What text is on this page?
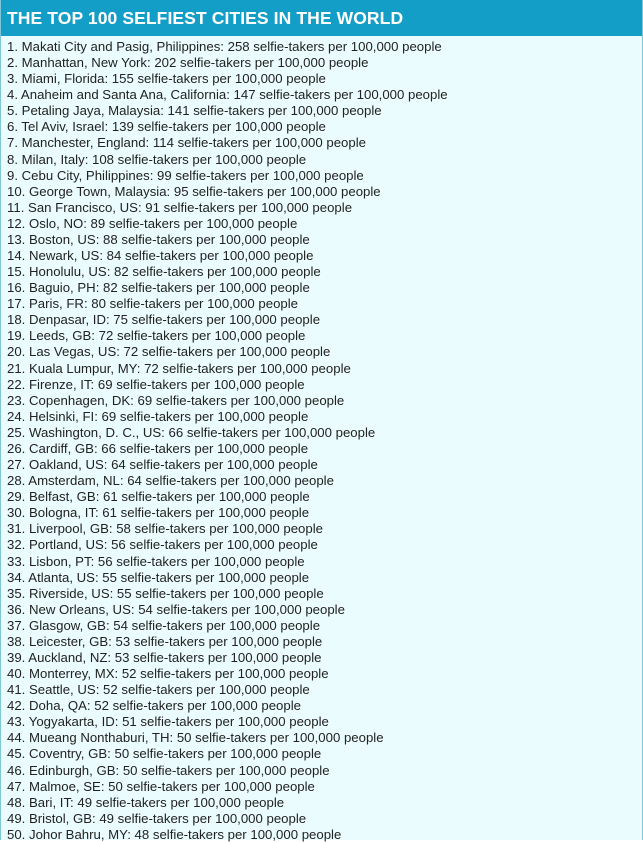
THE TOP 100 SELFIEST CITIES IN THE WORLD
1. Makati City and Pasig, Philippines: 258 selfie-takers per 100,000 people
2. Manhattan, New York: 202 selfie-takers per 100,000 people
3. Miami, Florida: 155 selfie-takers per 100,000 people
4. Anaheim and Santa Ana, California: 147 selfie-takers per 100,000 people
5. Petaling Jaya, Malaysia: 141 selfie-takers per 100,000 people
6. Tel Aviv, Israel: 139 selfie-takers per 100,000 people
7. Manchester, England: 114 selfie-takers per 100,000 people
8. Milan, Italy: 108 selfie-takers per 100,000 people
9. Cebu City, Philippines: 99 selfie-takers per 100,000 people
10. George Town, Malaysia: 95 selfie-takers per 100,000 people
11. San Francisco, US: 91 selfie-takers per 100,000 people
12. Oslo, NO: 89 selfie-takers per 100,000 people
13. Boston, US: 88 selfie-takers per 100,000 people
14. Newark, US: 84 selfie-takers per 100,000 people
15. Honolulu, US: 82 selfie-takers per 100,000 people
16. Baguio, PH: 82 selfie-takers per 100,000 people
17. Paris, FR: 80 selfie-takers per 100,000 people
18. Denpasar, ID: 75 selfie-takers per 100,000 people
19. Leeds, GB: 72 selfie-takers per 100,000 people
20. Las Vegas, US: 72 selfie-takers per 100,000 people
21. Kuala Lumpur, MY: 72 selfie-takers per 100,000 people
22. Firenze, IT: 69 selfie-takers per 100,000 people
23. Copenhagen, DK: 69 selfie-takers per 100,000 people
24. Helsinki, FI: 69 selfie-takers per 100,000 people
25. Washington, D. C., US: 66 selfie-takers per 100,000 people
26. Cardiff, GB: 66 selfie-takers per 100,000 people
27. Oakland, US: 64 selfie-takers per 100,000 people
28. Amsterdam, NL: 64 selfie-takers per 100,000 people
29. Belfast, GB: 61 selfie-takers per 100,000 people
30. Bologna, IT: 61 selfie-takers per 100,000 people
31. Liverpool, GB: 58 selfie-takers per 100,000 people
32. Portland, US: 56 selfie-takers per 100,000 people
33. Lisbon, PT: 56 selfie-takers per 100,000 people
34. Atlanta, US: 55 selfie-takers per 100,000 people
35. Riverside, US: 55 selfie-takers per 100,000 people
36. New Orleans, US: 54 selfie-takers per 100,000 people
37. Glasgow, GB: 54 selfie-takers per 100,000 people
38. Leicester, GB: 53 selfie-takers per 100,000 people
39. Auckland, NZ: 53 selfie-takers per 100,000 people
40. Monterrey, MX: 52 selfie-takers per 100,000 people
41. Seattle, US: 52 selfie-takers per 100,000 people
42. Doha, QA: 52 selfie-takers per 100,000 people
43. Yogyakarta, ID: 51 selfie-takers per 100,000 people
44. Mueang Nonthaburi, TH: 50 selfie-takers per 100,000 people
45. Coventry, GB: 50 selfie-takers per 100,000 people
46. Edinburgh, GB: 50 selfie-takers per 100,000 people
47. Malmoe, SE: 50 selfie-takers per 100,000 people
48. Bari, IT: 49 selfie-takers per 100,000 people
49. Bristol, GB: 49 selfie-takers per 100,000 people
50. Johor Bahru, MY: 48 selfie-takers per 100,000 people
